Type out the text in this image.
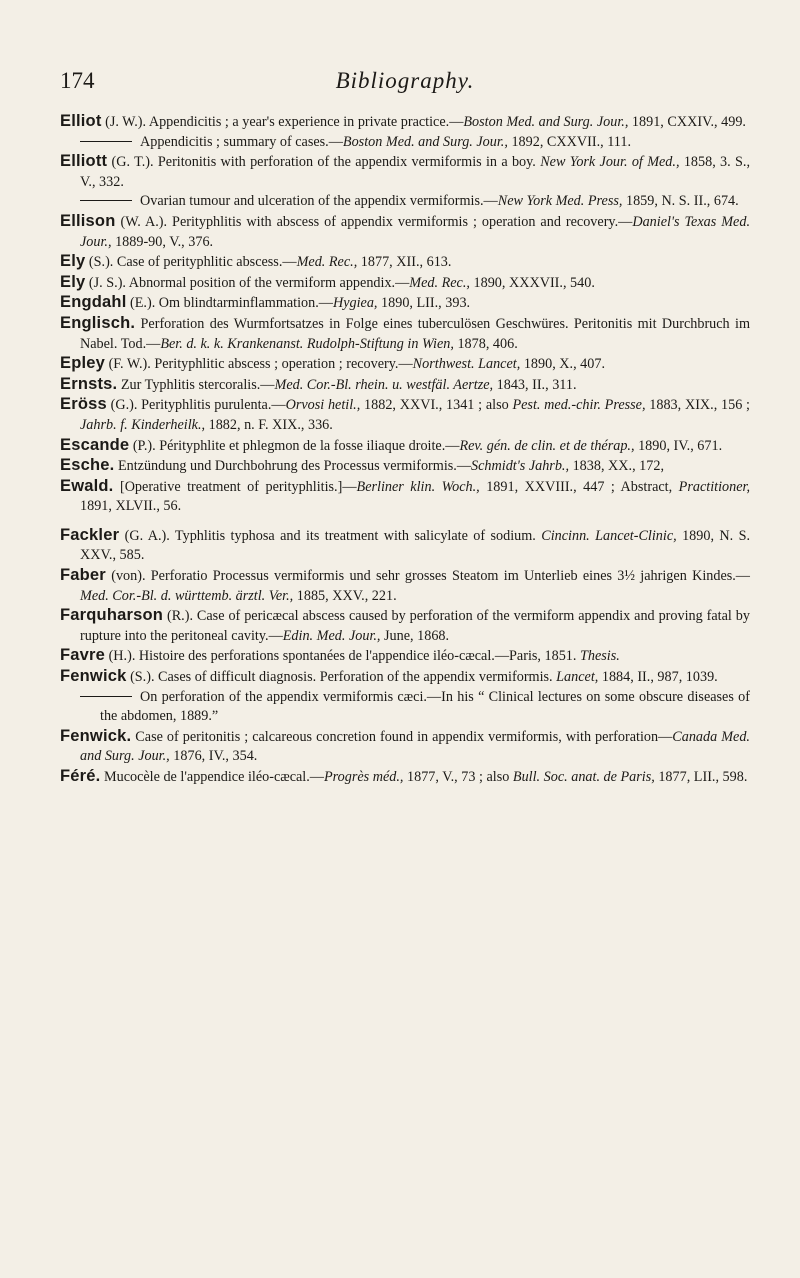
174	Bibliography.

Elliot (J. W.). Appendicitis ; a year's experience in private practice.—Boston Med. and Surg. Jour., 1891, CXXIV., 499.

Appendicitis ; summary of cases.—Boston Med. and Surg. Jour., 1892, CXXVII., 111.

Elliott (G. T.). Peritonitis with perforation of the appendix vermiformis in a boy. New York Jour. of Med., 1858, 3. S., V., 332.

Ovarian tumour and ulceration of the appendix vermiformis.—New York Med. Press, 1859, N. S. II., 674.

Ellison (W. A.). Perityphlitis with abscess of appendix vermiformis ; operation and recovery.—Daniel's Texas Med. Jour., 1889-90, V., 376.

Ely (S.). Case of perityphlitic abscess.—Med. Rec., 1877, XII., 613.

Ely (J. S.). Abnormal position of the vermiform appendix.—Med. Rec., 1890, XXXVII., 540.

Engdahl (E.). Om blindtarminflammation.—Hygiea, 1890, LII., 393.

Englisch. Perforation des Wurmfortsatzes in Folge eines tuberculösen Geschwüres. Peritonitis mit Durchbruch im Nabel. Tod.—Ber. d. k. k. Krankenanst. Rudolph-Stiftung in Wien, 1878, 406.

Epley (F. W.). Perityphlitic abscess ; operation ; recovery.—Northwest. Lancet, 1890, X., 407.

Ernsts. Zur Typhlitis stercoralis.—Med. Cor.-Bl. rhein. u. westfäl. Aertze, 1843, II., 311.

Eröss (G.). Perityphlitis purulenta.—Orvosi hetil., 1882, XXVI., 1341 ; also Pest. med.-chir. Presse, 1883, XIX., 156 ; Jahrb. f. Kinderheilk., 1882, n. F. XIX., 336.

Escande (P.). Pérityphlite et phlegmon de la fosse iliaque droite.—Rev. gén. de clin. et de thérap., 1890, IV., 671.

Esche. Entzündung und Durchbohrung des Processus vermiformis.—Schmidt's Jahrb., 1838, XX., 172,

Ewald. [Operative treatment of perityphlitis.]—Berliner klin. Woch., 1891, XXVIII., 447 ; Abstract, Practitioner, 1891, XLVII., 56.

Fackler (G. A.). Typhlitis typhosa and its treatment with salicylate of sodium. Cincinn. Lancet-Clinic, 1890, N. S. XXV., 585.

Faber (von). Perforatio Processus vermiformis und sehr grosses Steatom im Unterlieb eines 3½ jahrigen Kindes.—Med. Cor.-Bl. d. württemb. ärztl. Ver., 1885, XXV., 221.

Farquharson (R.). Case of pericæcal abscess caused by perforation of the vermiform appendix and proving fatal by rupture into the peritoneal cavity.—Edin. Med. Jour., June, 1868.

Favre (H.). Histoire des perforations spontanées de l'appendice iléo-cæcal.—Paris, 1851. Thesis.

Fenwick (S.). Cases of difficult diagnosis. Perforation of the appendix vermiformis. Lancet, 1884, II., 987, 1039.

On perforation of the appendix vermiformis cæci.—In his “ Clinical lectures on some obscure diseases of the abdomen, 1889.”

Fenwick. Case of peritonitis ; calcareous concretion found in appendix vermiformis, with perforation—Canada Med. and Surg. Jour., 1876, IV., 354.

Féré. Mucocèle de l'appendice iléo-cæcal.—Progrès méd., 1877, V., 73 ; also Bull. Soc. anat. de Paris, 1877, LII., 598.
